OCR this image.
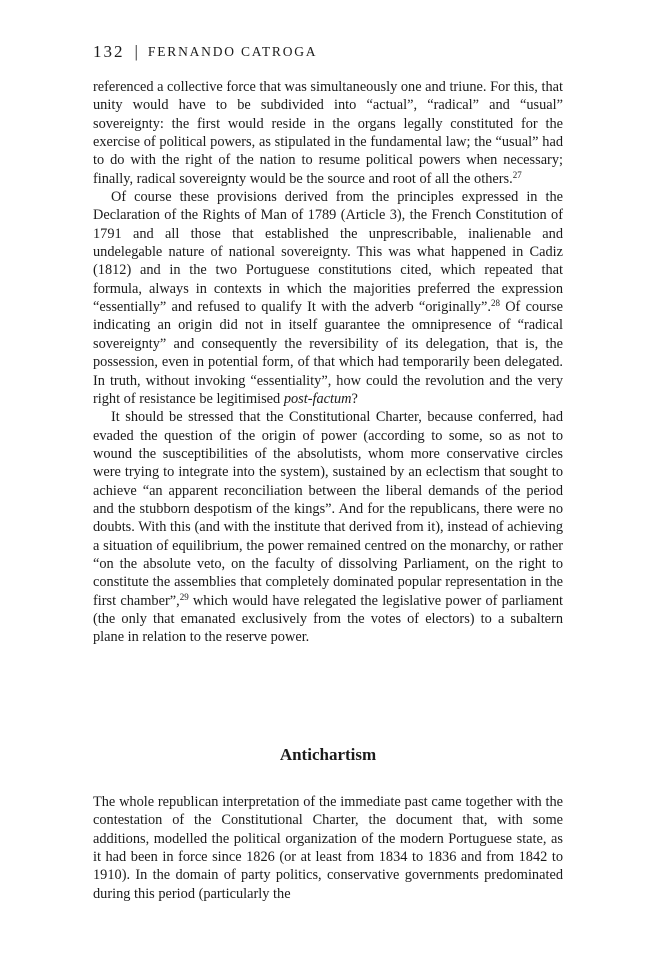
132 | FERNANDO CATROGA

referenced a collective force that was simultaneously one and triune. For this, that unity would have to be subdivided into “actual”, “radical” and “usual” sovereignty: the first would reside in the organs legally constituted for the exercise of political powers, as stipulated in the fundamental law; the “usual” had to do with the right of the nation to resume political powers when necessary; finally, radical sovereignty would be the source and root of all the others.$^{27}$

Of course these provisions derived from the principles expressed in the Declaration of the Rights of Man of 1789 (Article 3), the French Constitution of 1791 and all those that established the unprescribable, inalienable and undelegable nature of national sovereignty. This was what happened in Cadiz (1812) and in the two Portuguese constitutions cited, which repeated that formula, always in contexts in which the majorities preferred the expression “essentially” and refused to qualify It with the adverb “originally”.$^{28}$ Of course indicating an origin did not in itself guarantee the omnipresence of “radical sovereignty” and consequently the reversibility of its delegation, that is, the possession, even in potential form, of that which had temporarily been delegated. In truth, without invoking “essentiality”, how could the revolution and the very right of resistance be legitimised post-factum?

It should be stressed that the Constitutional Charter, because conferred, had evaded the question of the origin of power (according to some, so as not to wound the susceptibilities of the absolutists, whom more conservative circles were trying to integrate into the system), sustained by an eclectism that sought to achieve “an apparent reconciliation between the liberal demands of the period and the stubborn despotism of the kings”. And for the republicans, there were no doubts. With this (and with the institute that derived from it), instead of achieving a situation of equilibrium, the power remained centred on the monarchy, or rather “on the absolute veto, on the faculty of dissolving Parliament, on the right to constitute the assemblies that completely dominated popular representation in the first chamber”,$^{29}$ which would have relegated the legislative power of parliament (the only that emanated exclusively from the votes of electors) to a subaltern plane in relation to the reserve power.

Antichartism

The whole republican interpretation of the immediate past came together with the contestation of the Constitutional Charter, the document that, with some additions, modelled the political organization of the modern Portuguese state, as it had been in force since 1826 (or at least from 1834 to 1836 and from 1842 to 1910). In the domain of party politics, conservative governments predominated during this period (particularly the
